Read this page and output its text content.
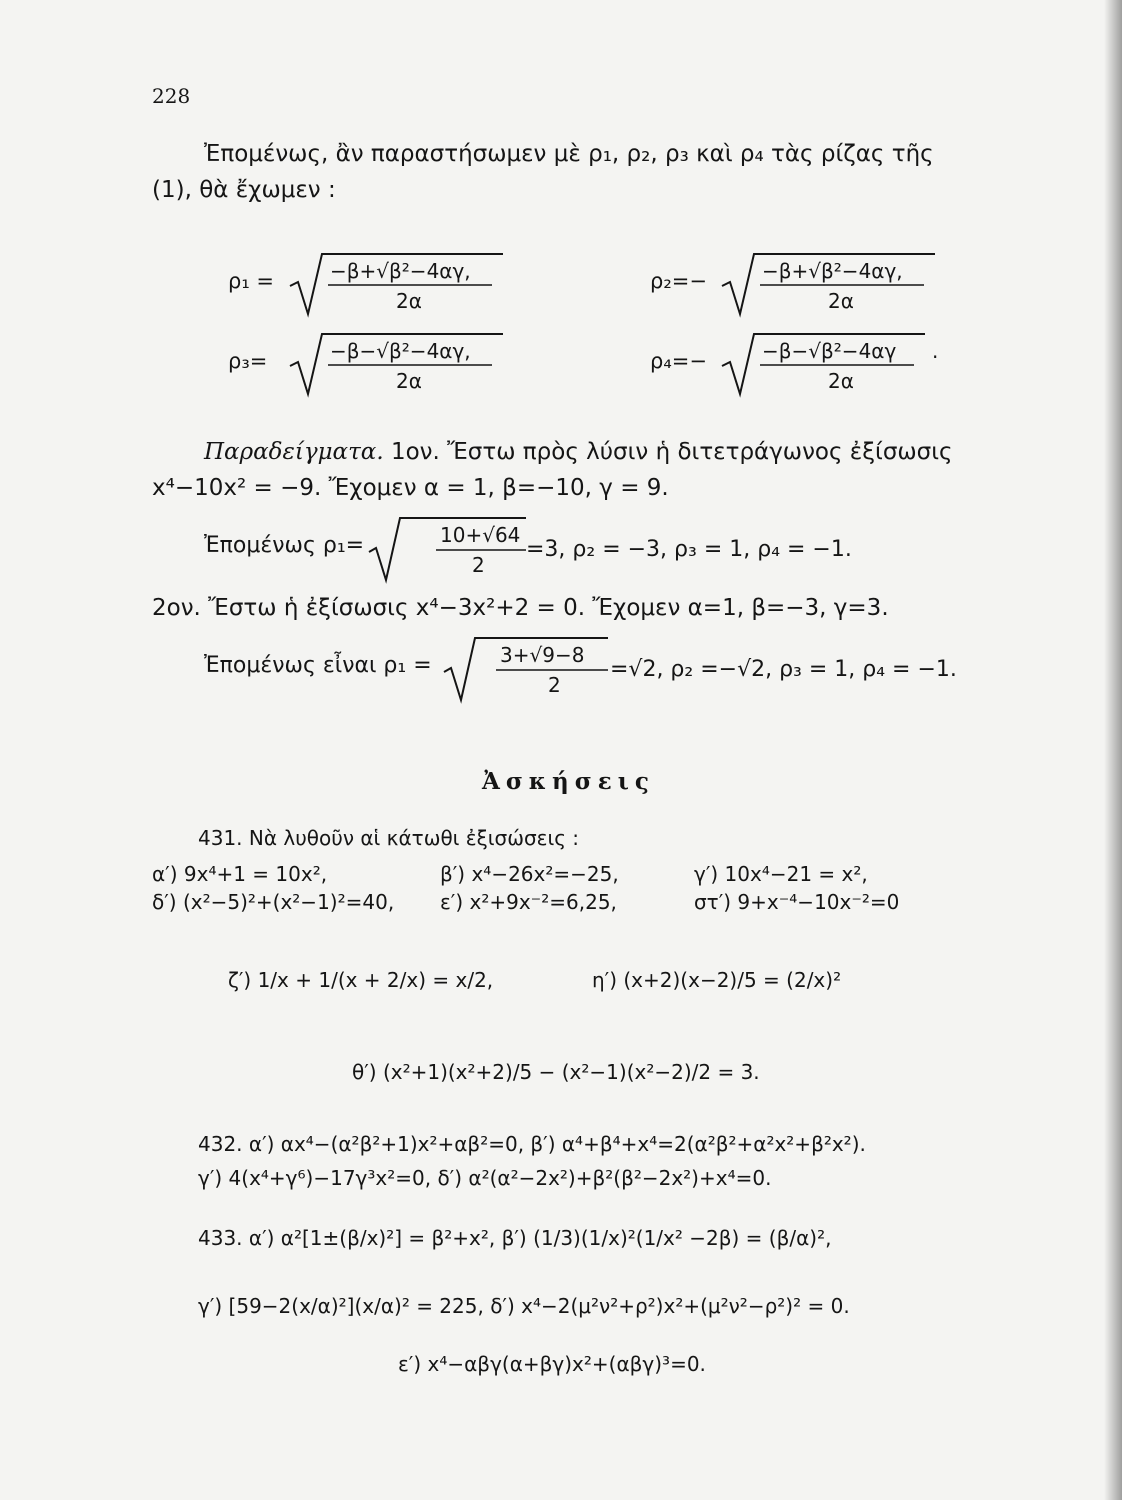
228
Ἐπομένως, ἂν παραστήσωμεν μὲ ρ₁, ρ₂, ρ₃ καὶ ρ₄ τὰς ρίζας τῆς
(1), θὰ ἔχωμεν :
ρ₁ =	−β+√β²−4αγ,
2α
ρ₂=−	−β+√β²−4αγ,
2α
ρ₃=	−β−√β²−4αγ,
2α
ρ₄=−	−β−√β²−4αγ
2α
.
Παραδείγματα. 1ον. Ἔστω πρὸς λύσιν ἡ διτετράγωνος ἐξίσωσις
x⁴−10x² = −9. Ἔχομεν α = 1, β=−10, γ = 9.
Ἐπομένως ρ₁=	10+√64
2
=3, ρ₂ = −3, ρ₃ = 1, ρ₄ = −1.
2ον. Ἔστω ἡ ἐξίσωσις x⁴−3x²+2 = 0. Ἔχομεν α=1, β=−3, γ=3.
Ἐπομένως εἶναι ρ₁ =	3+√9−8
2
=√2, ρ₂ =−√2, ρ₃ = 1, ρ₄ = −1.
Ἀσκήσεις
431. Νὰ λυθοῦν αἱ κάτωθι ἐξισώσεις :
α′) 9x⁴+1 = 10x²,	β′) x⁴−26x²=−25,	γ′) 10x⁴−21 = x²,
δ′) (x²−5)²+(x²−1)²=40, ε′) x²+9x⁻²=6,25,	στ′) 9+x⁻⁴−10x⁻²=0
ζ′) 1/x + 1/(x + 2/x) = x/2,	η′) (x+2)(x−2)/5 = (2/x)²
θ′) (x²+1)(x²+2)/5 − (x²−1)(x²−2)/2 = 3.
432. α′) αx⁴−(α²β²+1)x²+αβ²=0, β′) α⁴+β⁴+x⁴=2(α²β²+α²x²+β²x²).
γ′) 4(x⁴+γ⁶)−17γ³x²=0, δ′) α²(α²−2x²)+β²(β²−2x²)+x⁴=0.
433. α′) α²[1±(β/x)²] = β²+x², β′) (1/3)(1/x)²(1/x² −2β) = (β/α)²,
γ′) [59−2(x/α)²](x/α)² = 225, δ′) x⁴−2(μ²ν²+ρ²)x²+(μ²ν²−ρ²)² = 0.
ε′) x⁴−αβγ(α+βγ)x²+(αβγ)³=0.
